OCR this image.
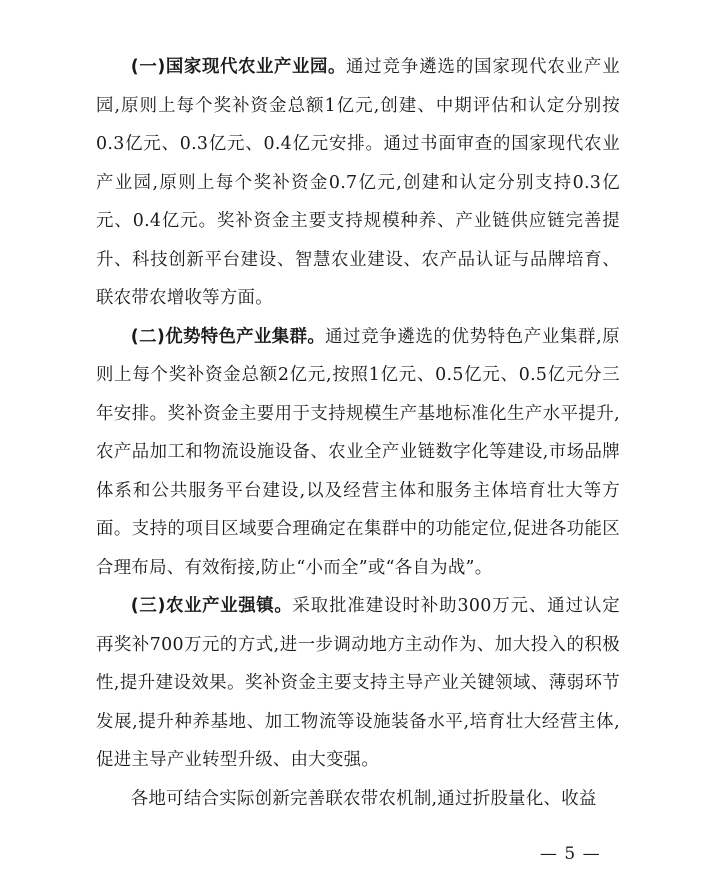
(一)国家现代农业产业园。通过竞争遴选的国家现代农业产业园,原则上每个奖补资金总额1亿元,创建、中期评估和认定分别按0.3亿元、0.3亿元、0.4亿元安排。通过书面审查的国家现代农业产业园,原则上每个奖补资金0.7亿元,创建和认定分别支持0.3亿元、0.4亿元。奖补资金主要支持规模种养、产业链供应链完善提升、科技创新平台建设、智慧农业建设、农产品认证与品牌培育、联农带农增收等方面。

(二)优势特色产业集群。通过竞争遴选的优势特色产业集群,原则上每个奖补资金总额2亿元,按照1亿元、0.5亿元、0.5亿元分三年安排。奖补资金主要用于支持规模生产基地标准化生产水平提升,农产品加工和物流设施设备、农业全产业链数字化等建设,市场品牌体系和公共服务平台建设,以及经营主体和服务主体培育壮大等方面。支持的项目区域要合理确定在集群中的功能定位,促进各功能区合理布局、有效衔接,防止“小而全”或“各自为战”。

(三)农业产业强镇。采取批准建设时补助300万元、通过认定再奖补700万元的方式,进一步调动地方主动作为、加大投入的积极性,提升建设效果。奖补资金主要支持主导产业关键领域、薄弱环节发展,提升种养基地、加工物流等设施装备水平,培育壮大经营主体,促进主导产业转型升级、由大变强。

各地可结合实际创新完善联农带农机制,通过折股量化、收益

— 5 —
